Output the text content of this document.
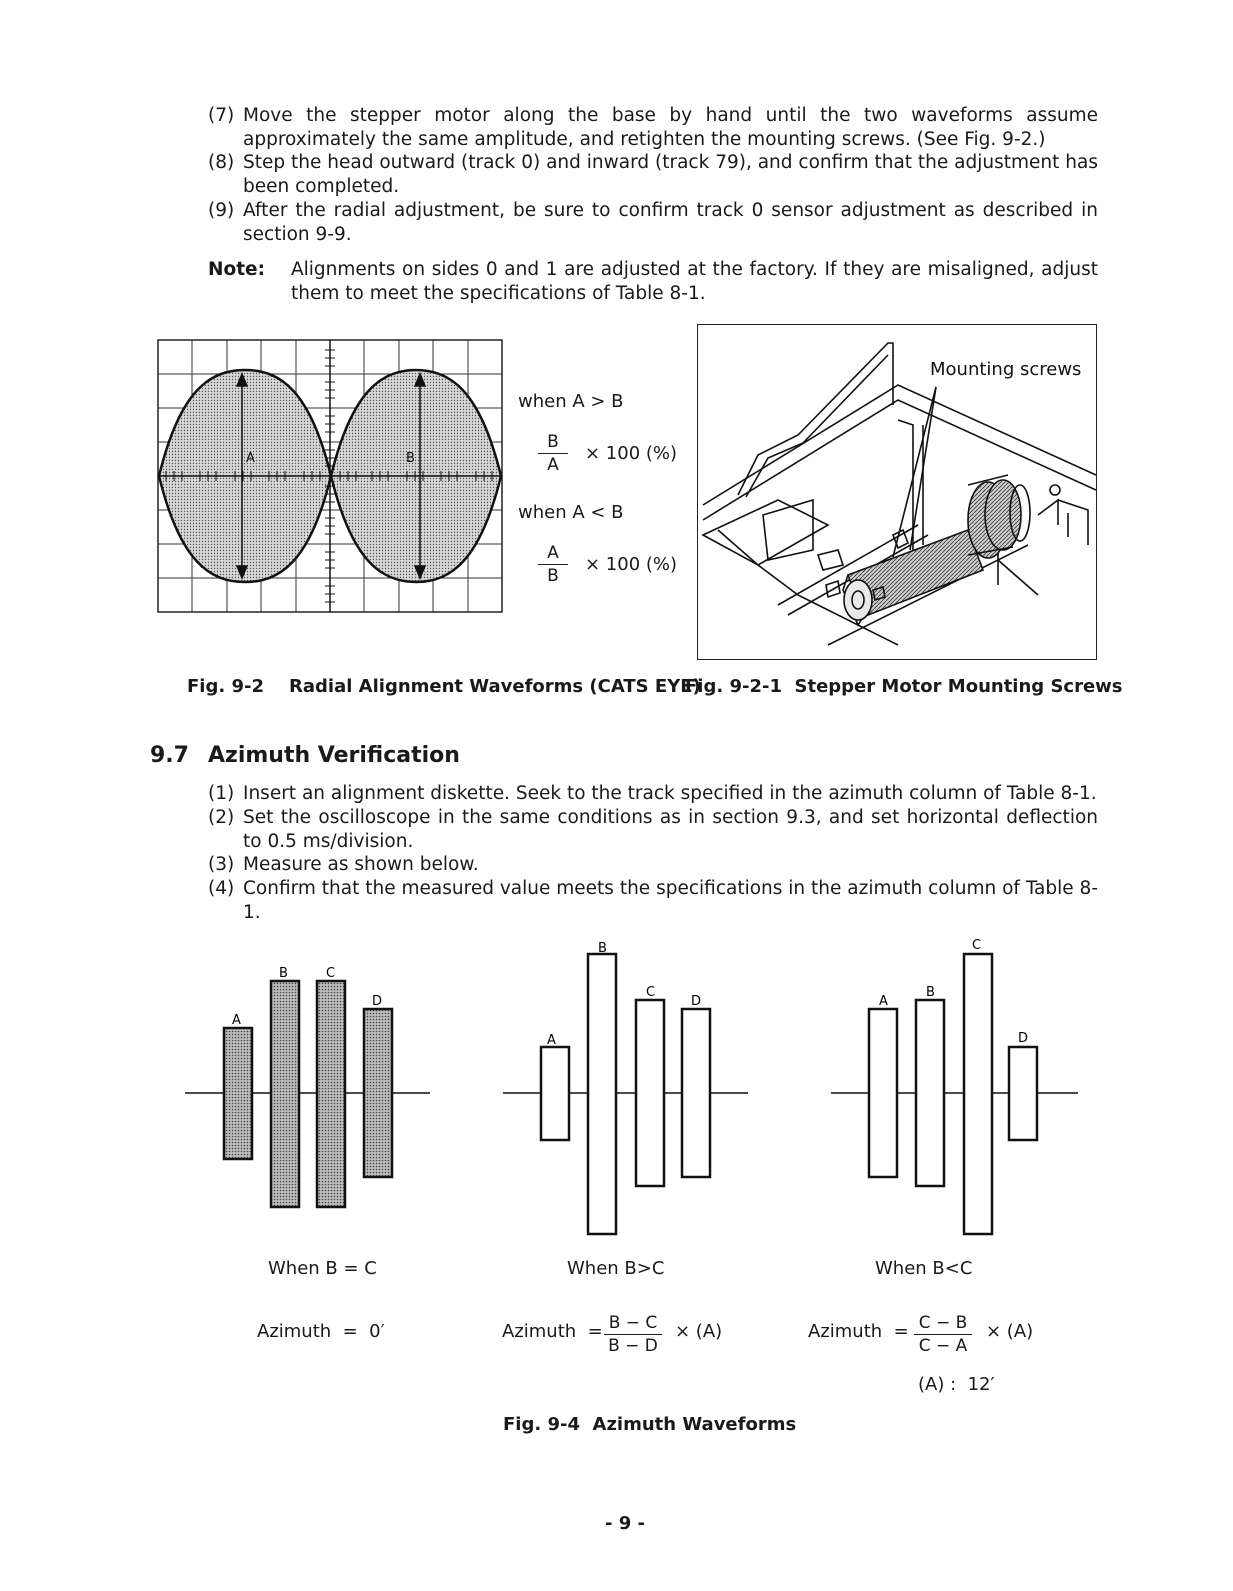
(7) Move the stepper motor along the base by hand until the two waveforms assume approximately the same amplitude, and retighten the mounting screws. (See Fig. 9-2.)
(8) Step the head outward (track 0) and inward (track 79), and confirm that the adjustment has been completed.
(9) After the radial adjustment, be sure to confirm track 0 sensor adjustment as described in section 9-9.
Note: Alignments on sides 0 and 1 are adjusted at the factory. If they are misaligned, adjust them to meet the specifications of Table 8-1.
A	B
when A > B
B
A
× 100 (%)
when A < B
A
B
× 100 (%)
Fig. 9-2    Radial Alignment Waveforms (CATS EYE)
Mounting screws
Fig. 9-2-1  Stepper Motor Mounting Screws
9.7 Azimuth Verification
(1) Insert an alignment diskette. Seek to the track specified in the azimuth column of Table 8-1.
(2) Set the oscilloscope in the same conditions as in section 9.3, and set horizontal deflection to 0.5 ms/division.
(3) Measure as shown below.
(4) Confirm that the measured value meets the specifications in the azimuth column of Table 8-1.
A
B	C
D
A
B
C
D	A
B
C
D
When B = C	When B>C	When B<C
Azimuth  =  0′	Azimuth  = B − C
B − D
× (A)	Azimuth  = C − B
C − A
× (A)
(A) :  12′
Fig. 9-4  Azimuth Waveforms
- 9 -
